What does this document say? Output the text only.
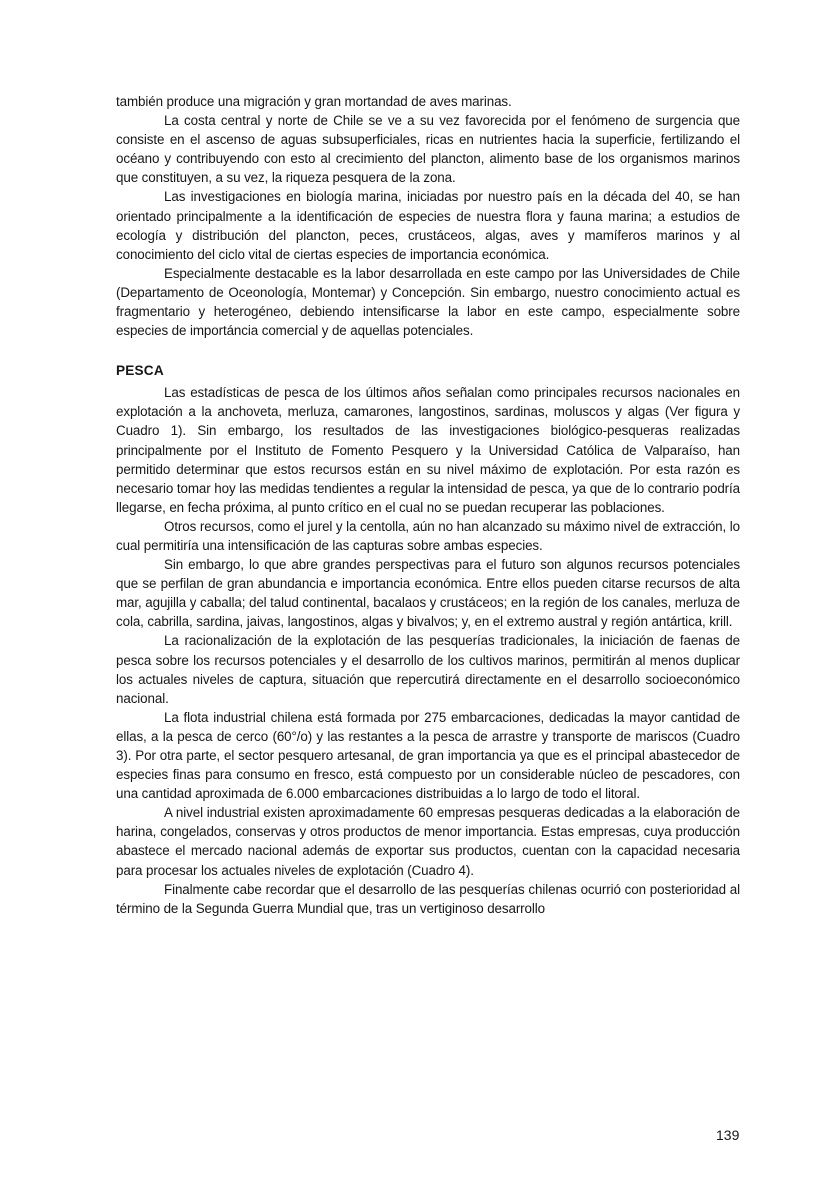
también produce una migración y gran mortandad de aves marinas.

La costa central y norte de Chile se ve a su vez favorecida por el fenómeno de surgencia que consiste en el ascenso de aguas subsuperficiales, ricas en nutrientes hacia la superficie, fertilizando el océano y contribuyendo con esto al crecimiento del plancton, alimento base de los organismos marinos que constituyen, a su vez, la riqueza pesquera de la zona.

Las investigaciones en biología marina, iniciadas por nuestro país en la década del 40, se han orientado principalmente a la identificación de especies de nuestra flora y fauna marina; a estudios de ecología y distribución del plancton, peces, crustáceos, algas, aves y mamíferos marinos y al conocimiento del ciclo vital de ciertas especies de importancia económica.

Especialmente destacable es la labor desarrollada en este campo por las Universidades de Chile (Departamento de Oceonología, Montemar) y Concepción. Sin embargo, nuestro conocimiento actual es fragmentario y heterogéneo, debiendo intensificarse la labor en este campo, especialmente sobre especies de importáncia comercial y de aquellas potenciales.

PESCA

Las estadísticas de pesca de los últimos años señalan como principales recursos nacionales en explotación a la anchoveta, merluza, camarones, langostinos, sardinas, moluscos y algas (Ver figura y Cuadro 1). Sin embargo, los resultados de las investigaciones biológico-pesqueras realizadas principalmente por el Instituto de Fomento Pesquero y la Universidad Católica de Valparaíso, han permitido determinar que estos recursos están en su nivel máximo de explotación. Por esta razón es necesario tomar hoy las medidas tendientes a regular la intensidad de pesca, ya que de lo contrario podría llegarse, en fecha próxima, al punto crítico en el cual no se puedan recuperar las poblaciones.

Otros recursos, como el jurel y la centolla, aún no han alcanzado su máximo nivel de extracción, lo cual permitiría una intensificación de las capturas sobre ambas especies.

Sin embargo, lo que abre grandes perspectivas para el futuro son algunos recursos potenciales que se perfilan de gran abundancia e importancia económica. Entre ellos pueden citarse recursos de alta mar, agujilla y caballa; del talud continental, bacalaos y crustáceos; en la región de los canales, merluza de cola, cabrilla, sardina, jaivas, langostinos, algas y bivalvos; y, en el extremo austral y región antártica, krill.

La racionalización de la explotación de las pesquerías tradicionales, la iniciación de faenas de pesca sobre los recursos potenciales y el desarrollo de los cultivos marinos, permitirán al menos duplicar los actuales niveles de captura, situación que repercutirá directamente en el desarrollo socioeconómico nacional.

La flota industrial chilena está formada por 275 embarcaciones, dedicadas la mayor cantidad de ellas, a la pesca de cerco (60°/o) y las restantes a la pesca de arrastre y transporte de mariscos (Cuadro 3). Por otra parte, el sector pesquero artesanal, de gran importancia ya que es el principal abastecedor de especies finas para consumo en fresco, está compuesto por un considerable núcleo de pescadores, con una cantidad aproximada de 6.000 embarcaciones distribuidas a lo largo de todo el litoral.

A nivel industrial existen aproximadamente 60 empresas pesqueras dedicadas a la elaboración de harina, congelados, conservas y otros productos de menor importancia. Estas empresas, cuya producción abastece el mercado nacional además de exportar sus productos, cuentan con la capacidad necesaria para procesar los actuales niveles de explotación (Cuadro 4).

Finalmente cabe recordar que el desarrollo de las pesquerías chilenas ocurrió con posterioridad al término de la Segunda Guerra Mundial que, tras un vertiginoso desarrollo

139
